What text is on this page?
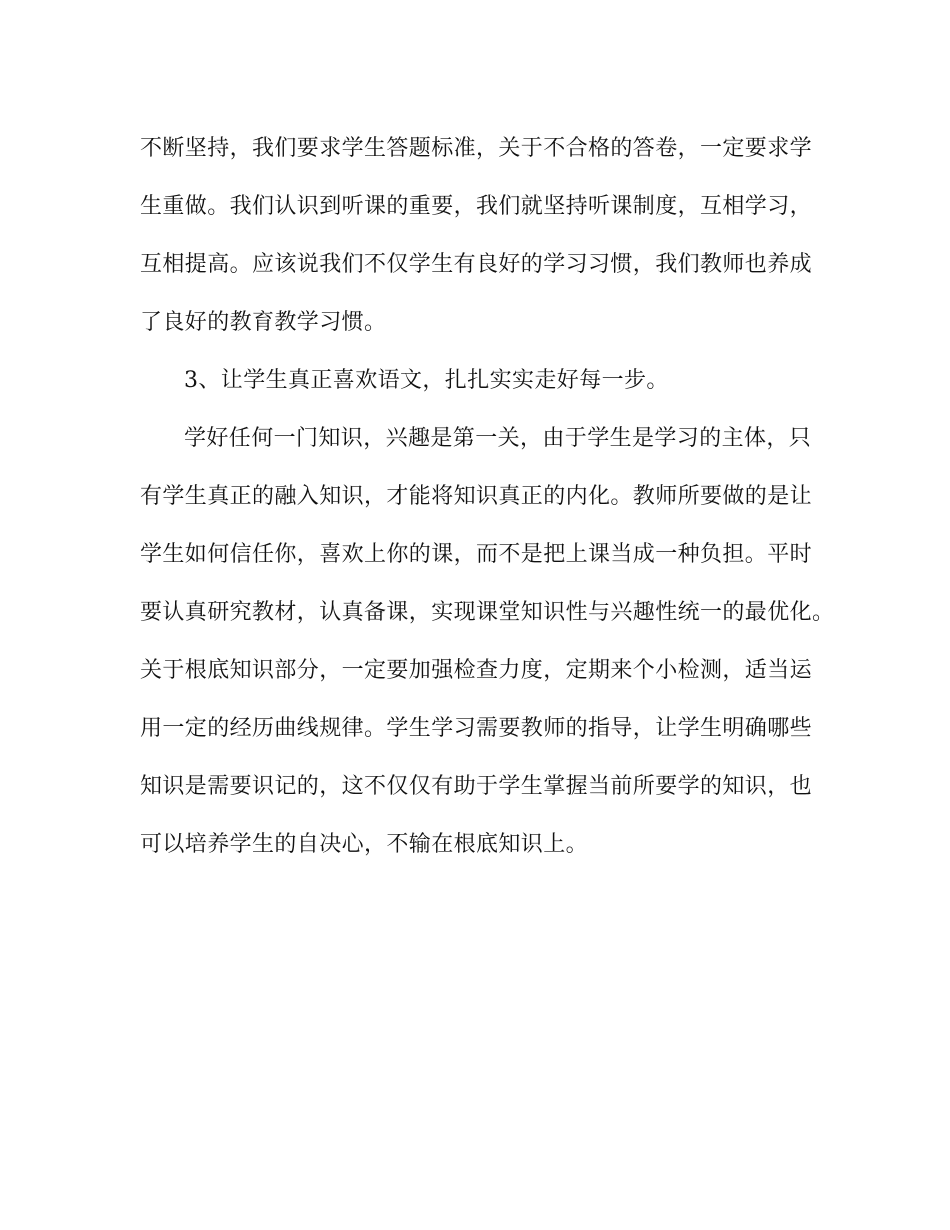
不断坚持，我们要求学生答题标准，关于不合格的答卷，一定要求学
生重做。我们认识到听课的重要，我们就坚持听课制度，互相学习，
互相提高。应该说我们不仅学生有良好的学习习惯，我们教师也养成
了良好的教育教学习惯。
3、让学生真正喜欢语文，扎扎实实走好每一步。
学好任何一门知识，兴趣是第一关，由于学生是学习的主体，只
有学生真正的融入知识，才能将知识真正的内化。教师所要做的是让
学生如何信任你，喜欢上你的课，而不是把上课当成一种负担。平时
要认真研究教材，认真备课，实现课堂知识性与兴趣性统一的最优化。
关于根底知识部分，一定要加强检查力度，定期来个小检测，适当运
用一定的经历曲线规律。学生学习需要教师的指导，让学生明确哪些
知识是需要识记的，这不仅仅有助于学生掌握当前所要学的知识，也
可以培养学生的自决心，不输在根底知识上。
